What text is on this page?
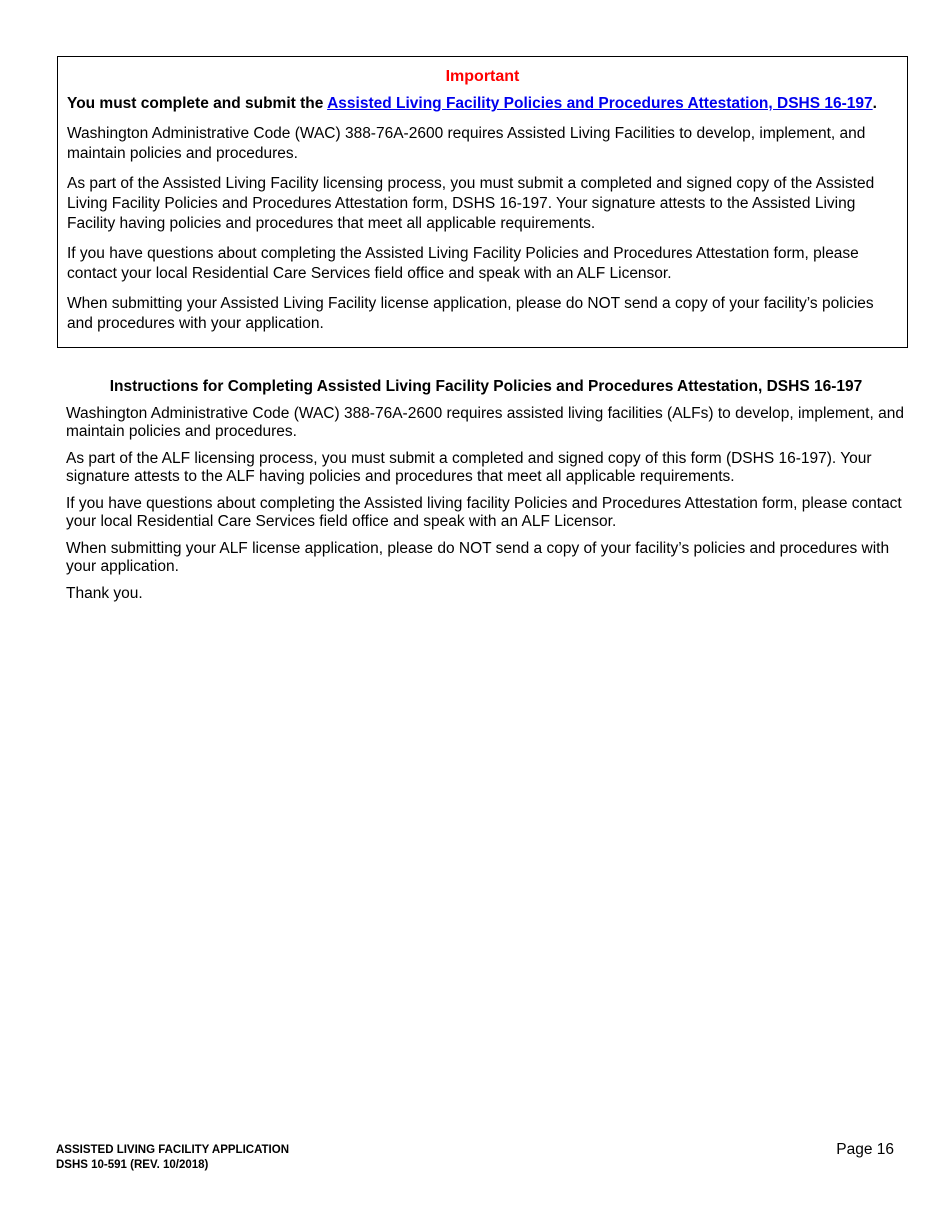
Important
You must complete and submit the Assisted Living Facility Policies and Procedures Attestation, DSHS 16-197.

Washington Administrative Code (WAC) 388-76A-2600 requires Assisted Living Facilities to develop, implement, and maintain policies and procedures.

As part of the Assisted Living Facility licensing process, you must submit a completed and signed copy of the Assisted Living Facility Policies and Procedures Attestation form, DSHS 16-197. Your signature attests to the Assisted Living Facility having policies and procedures that meet all applicable requirements.

If you have questions about completing the Assisted Living Facility Policies and Procedures Attestation form, please contact your local Residential Care Services field office and speak with an ALF Licensor.

When submitting your Assisted Living Facility license application, please do NOT send a copy of your facility’s policies and procedures with your application.

Instructions for Completing Assisted Living Facility Policies and Procedures Attestation, DSHS 16-197

Washington Administrative Code (WAC) 388-76A-2600 requires assisted living facilities (ALFs) to develop, implement, and maintain policies and procedures.

As part of the ALF licensing process, you must submit a completed and signed copy of this form (DSHS 16-197). Your signature attests to the ALF having policies and procedures that meet all applicable requirements.

If you have questions about completing the Assisted living facility Policies and Procedures Attestation form, please contact your local Residential Care Services field office and speak with an ALF Licensor.

When submitting your ALF license application, please do NOT send a copy of your facility’s policies and procedures with your application.

Thank you.

ASSISTED LIVING FACILITY APPLICATION
DSHS 10-591 (REV. 10/2018)
Page 16
